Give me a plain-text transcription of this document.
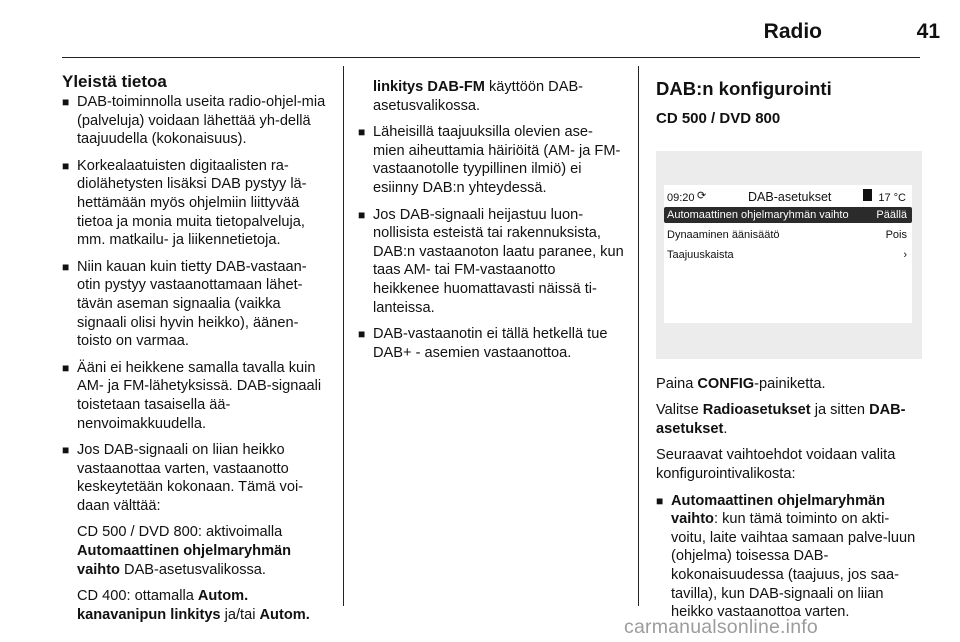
Radio	41
Yleistä tietoa
■ DAB-toiminnolla useita radio-ohjel-mia (palveluja) voidaan lähettää yh-dellä taajuudella (kokonaisuus).
■ Korkealaatuisten digitaalisten ra-diolähetysten lisäksi DAB pystyy lä-hettämään myös ohjelmiin liittyvää tietoa ja monia muita tietopalveluja, mm. matkailu- ja liikennetietoja.
■ Niin kauan kuin tietty DAB-vastaan-otin pystyy vastaanottamaan lähet-tävän aseman signaalia (vaikka signaali olisi hyvin heikko), äänen-toisto on varmaa.
■ Ääni ei heikkene samalla tavalla kuin AM- ja FM-lähetyksissä. DAB-signaali toistetaan tasaisella ää-nenvoimakkuudella.
■ Jos DAB-signaali on liian heikko vastaanottaa varten, vastaanotto keskeytetään kokonaan. Tämä voi-daan välttää:

CD 500 / DVD 800: aktivoimalla
Automaattinen ohjelmaryhmän vaihto DAB-asetusvalikossa.

CD 400: ottamalla Autom. kanavanipun linkitys ja/tai Autom.

linkitys DAB-FM käyttöön DAB-asetusvalikossa.

■ Läheisillä taajuuksilla olevien ase-mien aiheuttamia häiriöitä (AM- ja FM-vastaanotolle tyypillinen ilmiö) ei esiinny DAB:n yhteydessä.
■ Jos DAB-signaali heijastuu luon-nollisista esteistä tai rakennuksista, DAB:n vastaanoton laatu paranee, kun taas AM- tai FM-vastaanotto heikkenee huomattavasti näissä ti-lanteissa.
■ DAB-vastaanotin ei tällä hetkellä tue DAB+ - asemien vastaanottoa.
DAB:n konfigurointi
CD 500 / DVD 800
09:20 ⟳	DAB-asetukset	17 °C
Automaattinen ohjelmaryhmän vaihto	Päällä
Dynaaminen äänisäätö	Pois
Taajuuskaista	›

Paina CONFIG-painiketta.

Valitse Radioasetukset ja sitten DAB-asetukset.

Seuraavat vaihtoehdot voidaan valita konfigurointivalikosta:

■ Automaattinen ohjelmaryhmän vaihto: kun tämä toiminto on akti-voitu, laite vaihtaa samaan palve-luun (ohjelma) toisessa DAB-kokonaisuudessa (taajuus, jos saa-tavilla), kun DAB-signaali on liian heikko vastaanottoa varten.
carmanualsonline.info
